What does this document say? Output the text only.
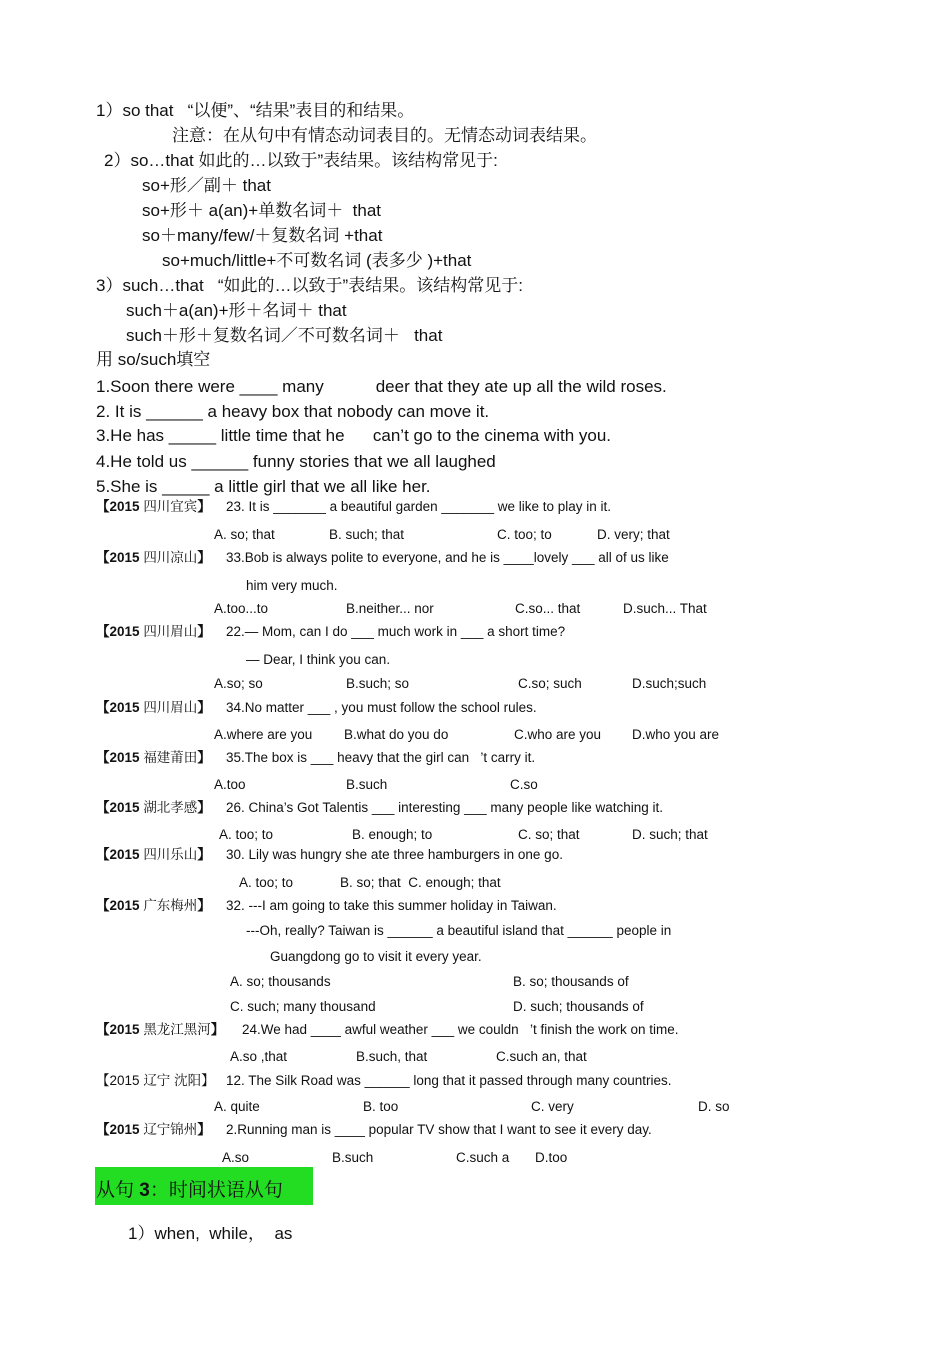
1）so that   “以便”、“结果”表目的和结果。
注意：在从句中有情态动词表目的。无情态动词表结果。
2）so…that 如此的…以致于”表结果。该结构常见于:
so+形／副＋ that
so+形＋ a(an)+单数名词＋  that
so＋many/few/＋复数名词 +that
so+much/little+不可数名词 (表多少 )+that
3）such…that   “如此的…以致于”表结果。该结构常见于:
such＋a(an)+形＋名词＋ that
such＋形＋复数名词／不可数名词＋   that
用 so/such填空
1.Soon there were ____ many           deer that they ate up all the wild roses.
2. It is ______ a heavy box that nobody can move it.
3.He has _____ little time that he      can’t go to the cinema with you.
4.He told us ______ funny stories that we all laughed
5.She is _____ a little girl that we all like her.
【2015 四川宜宾】 23. It is _______ a beautiful garden _______ we like to play in it.
A. so; that	B. such; that	C. too; to	D. very; that
【2015 四川凉山】 33.Bob is always polite to everyone, and he is ____lovely ___ all of us like
him very much.
A.too...to	B.neither... nor	C.so... that	D.such... That
【2015 四川眉山】 22.— Mom, can I do ___ much work in ___ a short time?
— Dear, I think you can.
A.so; so	B.such; so	C.so; such	D.such;such
【2015 四川眉山】 34.No matter ___ , you must follow the school rules.
A.where are you B.what do you do	C.who are you D.who you are
【2015 福建莆田】 35.The box is ___ heavy that the girl can   ’t carry it.
A.too	B.such	C.so
【2015 湖北孝感】 26. China’s Got Talentis ___ interesting ___ many people like watching it.
A. too; to	B. enough; to	C. so; that	D. such; that
【2015 四川乐山】 30. Lily was hungry she ate three hamburgers in one go.
A. too; to	B. so; that  C. enough; that
【2015 广东梅州】 32. ---I am going to take this summer holiday in Taiwan.
---Oh, really? Taiwan is ______ a beautiful island that ______ people in
Guangdong go to visit it every year.
A. so; thousands	B. so; thousands of
C. such; many thousand	D. such; thousands of
【2015 黑龙江黑河】 24.We had ____ awful weather ___ we couldn   ’t finish the work on time.
A.so ,that	B.such, that	C.such an, that
【2015 辽宁 沈阳】 12. The Silk Road was ______ long that it passed through many countries.
A. quite	B. too	C. very	D. so
【2015 辽宁锦州】 2.Running man is ____ popular TV show that I want to see it every day.
A.so	B.such	C.such a D.too
从句 3：时间状语从句
1）when,  while，  as
